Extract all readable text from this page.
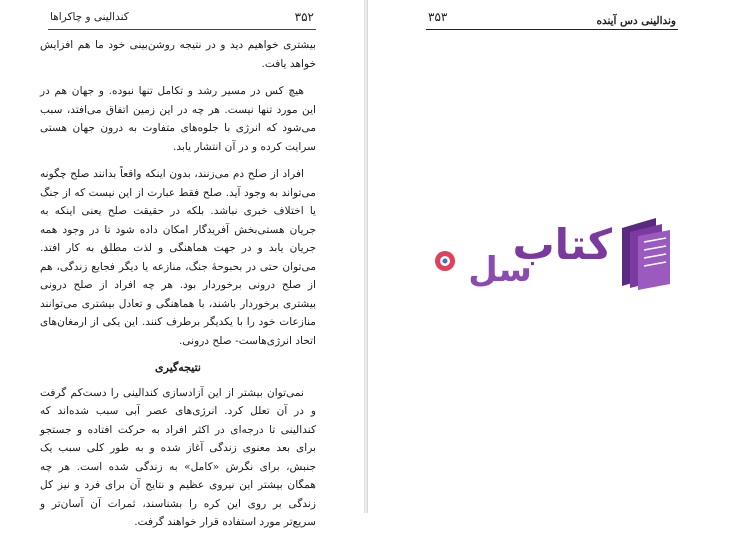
۳۵۲
کندالینی و چاکراها

بیشتری خواهیم دید و در نتیجه روشن‌بینی خود ما هم افزایش خواهد یافت.

هیچ کس در مسیر رشد و تکامل تنها نبوده. و جهان هم در این مورد تنها نیست. هر چه در این زمین اتفاق می‌افتد، سبب می‌شود که انرژی با جلوه‌های متفاوت به درون جهان هستی سرایت کرده و در آن انتشار یابد.

افراد از صلح دم می‌زنند، بدون اینکه واقعاً بدانند صلح چگونه می‌تواند به وجود آید. صلح فقط عبارت از این نیست که از جنگ یا اختلاف خبری نباشد. بلکه در حقیقت صلح یعنی اینکه به جریان هستی‌بخش آفریدگار امکان داده شود تا در وجود همه جریان یابد و در جهت هماهنگی و لذت مطلق به کار افتد. می‌توان حتی در بحبوحهٔ جنگ، منازعه یا دیگر فجایع زندگی، هم از صلح درونی برخوردار بود. هر چه افراد از صلح درونی بیشتری برخوردار باشند، با هماهنگی و تعادل بیشتری می‌توانند منازعات خود را با یکدیگر برطرف کنند. این یکی از ارمغان‌های اتحاد انرژی‌هاست- صلح درونی.

نتیجه‌گیری

نمی‌توان بیشتر از این آزادسازی کندالینی را دست‌کم گرفت و در آن تعلل کرد. انرژی‌های عصر آبی سبب شده‌اند که کندالینی تا درجه‌ای در اکثر افراد به حرکت افتاده و جستجو برای بعد معنوی زندگی آغاز شده و به طور کلی سبب یک جنبش، برای نگرش «کامل» به زندگی شده است. هر چه همگان بیشتر این نیروی عظیم و نتایج آن برای فرد و نیز کل زندگی بر روی این کره را بشناسند، ثمرات آن آسان‌تر و سریع‌تر مورد استفاده قرار خواهند گرفت.

۳۵۳	وندالینی دس آینده
کتاب
سل
